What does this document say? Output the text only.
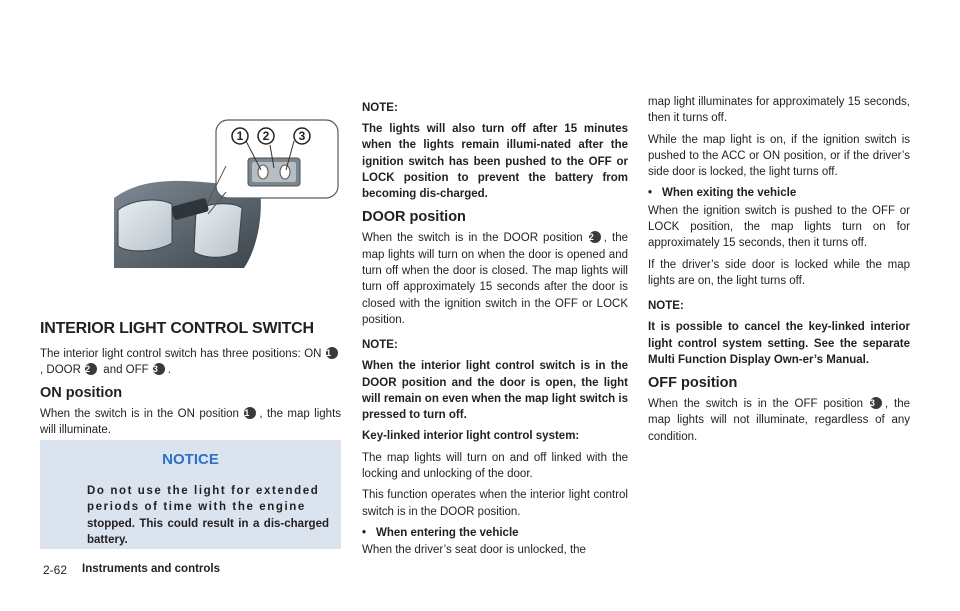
1 2 3
INTERIOR LIGHT CONTROL SWITCH

The interior light control switch has three positions: ON 1, DOOR 2 and OFF 3 .

ON position

When the switch is in the ON position 1 , the map lights will illuminate.

NOTICE
Do not use the light for extended
periods of time with the engine
stopped. This could result in a dis-charged battery.

NOTE:

The lights will also turn off after 15 minutes when the lights remain illumi-nated after the ignition switch has been pushed to the OFF or LOCK position to prevent the battery from becoming dis-charged.

DOOR position

When the switch is in the DOOR position 2 , the map lights will turn on when the door is opened and turn off when the door is closed. The map lights will turn off approximately 15 seconds after the door is closed with the ignition switch in the OFF or LOCK position.

NOTE:

When the interior light control switch is in the DOOR position and the door is open, the light will remain on even when the map light switch is pressed to turn off.

Key-linked interior light control system:

The map lights will turn on and off linked with the locking and unlocking of the door.

This function operates when the interior light control switch is in the DOOR position.

• When entering the vehicle

When the driver’s seat door is unlocked, the

map light illuminates for approximately 15 seconds, then it turns off.

While the map light is on, if the ignition switch is pushed to the ACC or ON position, or if the driver’s side door is locked, the light turns off.

• When exiting the vehicle

When the ignition switch is pushed to the OFF or LOCK position, the map lights turn on for approximately 15 seconds, then it turns off.

If the driver’s side door is locked while the map lights are on, the light turns off.

NOTE:

It is possible to cancel the key-linked interior light control system setting. See the separate Multi Function Display Own-er’s Manual.

OFF position

When the switch is in the OFF position 3 , the map lights will not illuminate, regardless of any condition.

2-62 Instruments and controls
